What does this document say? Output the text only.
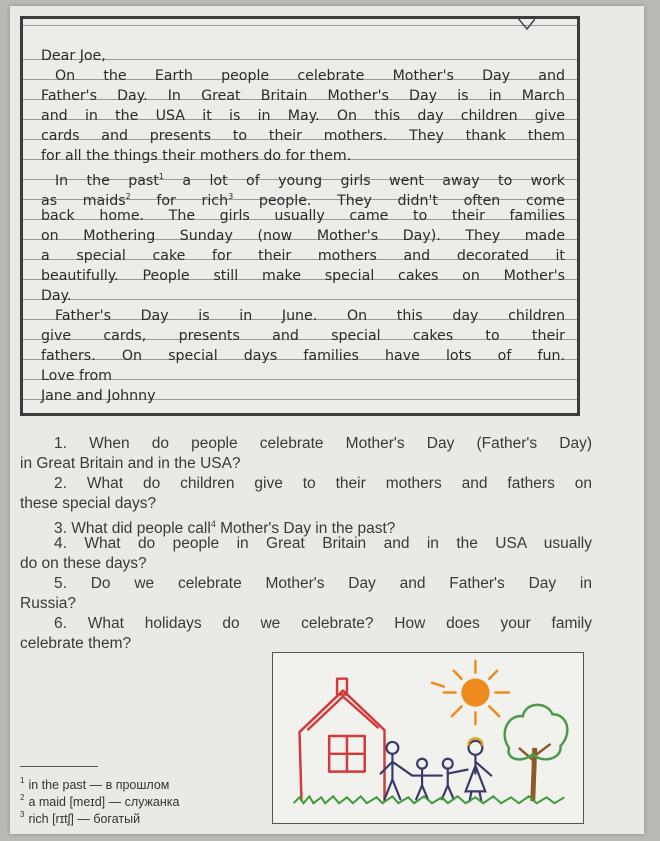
Dear Joe,
On the Earth people celebrate Mother's Day and
Father's Day. In Great Britain Mother's Day is in March
and in the USA it is in May. On this day children give
cards and presents to their mothers. They thank them
for all the things their mothers do for them.
In the past$^1$ a lot of young girls went away to work
as maids$^2$ for rich$^3$ people. They didn't often come
back home. The girls usually came to their families
on Mothering Sunday (now Mother's Day). They made
a special cake for their mothers and decorated it
beautifully. People still make special cakes on Mother's
Day.
Father's Day is in June. On this day children
give cards, presents and special cakes to their
fathers. On special days families have lots of fun.
Love from
Jane and Johnny
1. When do people celebrate Mother's Day (Father's Day)
in Great Britain and in the USA?
2. What do children give to their mothers and fathers on
these special days?
3. What did people call$^4$ Mother's Day in the past?
4. What do people in Great Britain and in the USA usually
do on these days?
5. Do we celebrate Mother's Day and Father's Day in
Russia?
6. What holidays do we celebrate? How does your family
celebrate them?
$^1$ in the past — в прошлом
$^2$ a maid [meɪd] — служанка
$^3$ rich [rɪtʃ] — богатый
